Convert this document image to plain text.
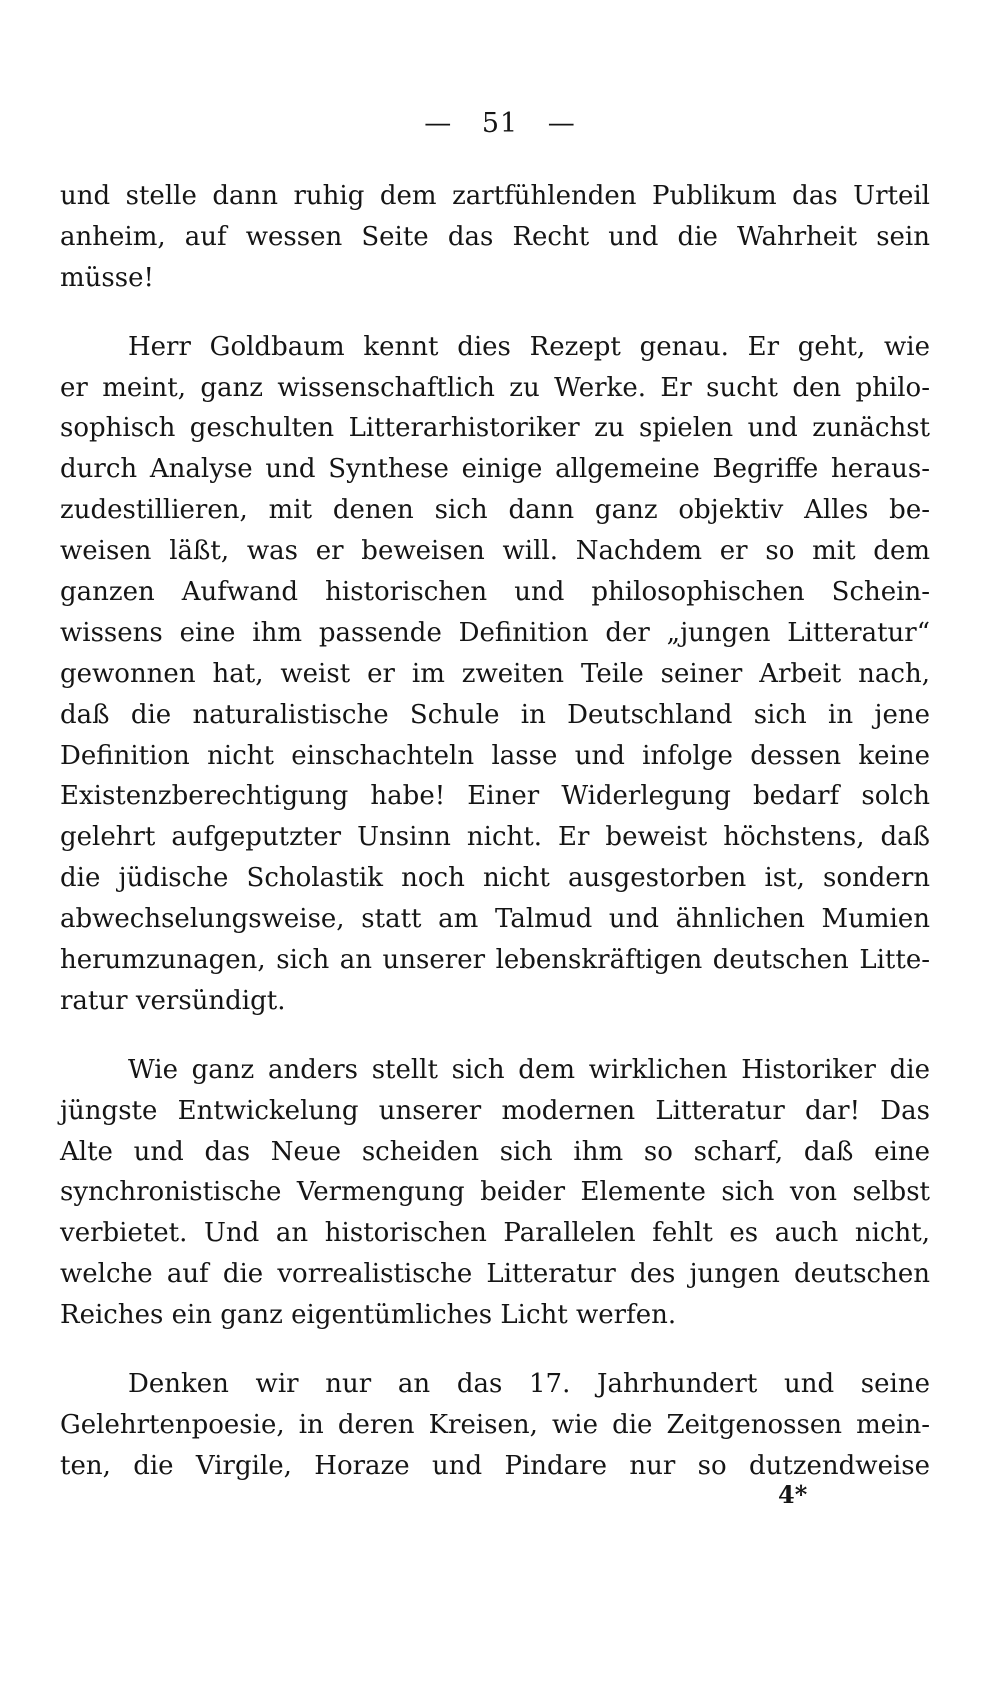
— 51 —
und stelle dann ruhig dem zartfühlenden Publikum das Urteil
anheim, auf wessen Seite das Recht und die Wahrheit sein
müsse!
Herr Goldbaum kennt dies Rezept genau. Er geht, wie
er meint, ganz wissenschaftlich zu Werke. Er sucht den philo-
sophisch geschulten Litterarhistoriker zu spielen und zunächst
durch Analyse und Synthese einige allgemeine Begriffe heraus-
zudestillieren, mit denen sich dann ganz objektiv Alles be-
weisen läßt, was er beweisen will. Nachdem er so mit dem
ganzen Aufwand historischen und philosophischen Schein-
wissens eine ihm passende Definition der „jungen Litteratur“
gewonnen hat, weist er im zweiten Teile seiner Arbeit nach,
daß die naturalistische Schule in Deutschland sich in jene
Definition nicht einschachteln lasse und infolge dessen keine
Existenzberechtigung habe! Einer Widerlegung bedarf solch
gelehrt aufgeputzter Unsinn nicht. Er beweist höchstens, daß
die jüdische Scholastik noch nicht ausgestorben ist, sondern
abwechselungsweise, statt am Talmud und ähnlichen Mumien
herumzunagen, sich an unserer lebenskräftigen deutschen Litte-
ratur versündigt.
Wie ganz anders stellt sich dem wirklichen Historiker die
jüngste Entwickelung unserer modernen Litteratur dar! Das
Alte und das Neue scheiden sich ihm so scharf, daß eine
synchronistische Vermengung beider Elemente sich von selbst
verbietet. Und an historischen Parallelen fehlt es auch nicht,
welche auf die vorrealistische Litteratur des jungen deutschen
Reiches ein ganz eigentümliches Licht werfen.
Denken wir nur an das 17. Jahrhundert und seine
Gelehrtenpoesie, in deren Kreisen, wie die Zeitgenossen mein-
ten, die Virgile, Horaze und Pindare nur so dutzendweise
4*
